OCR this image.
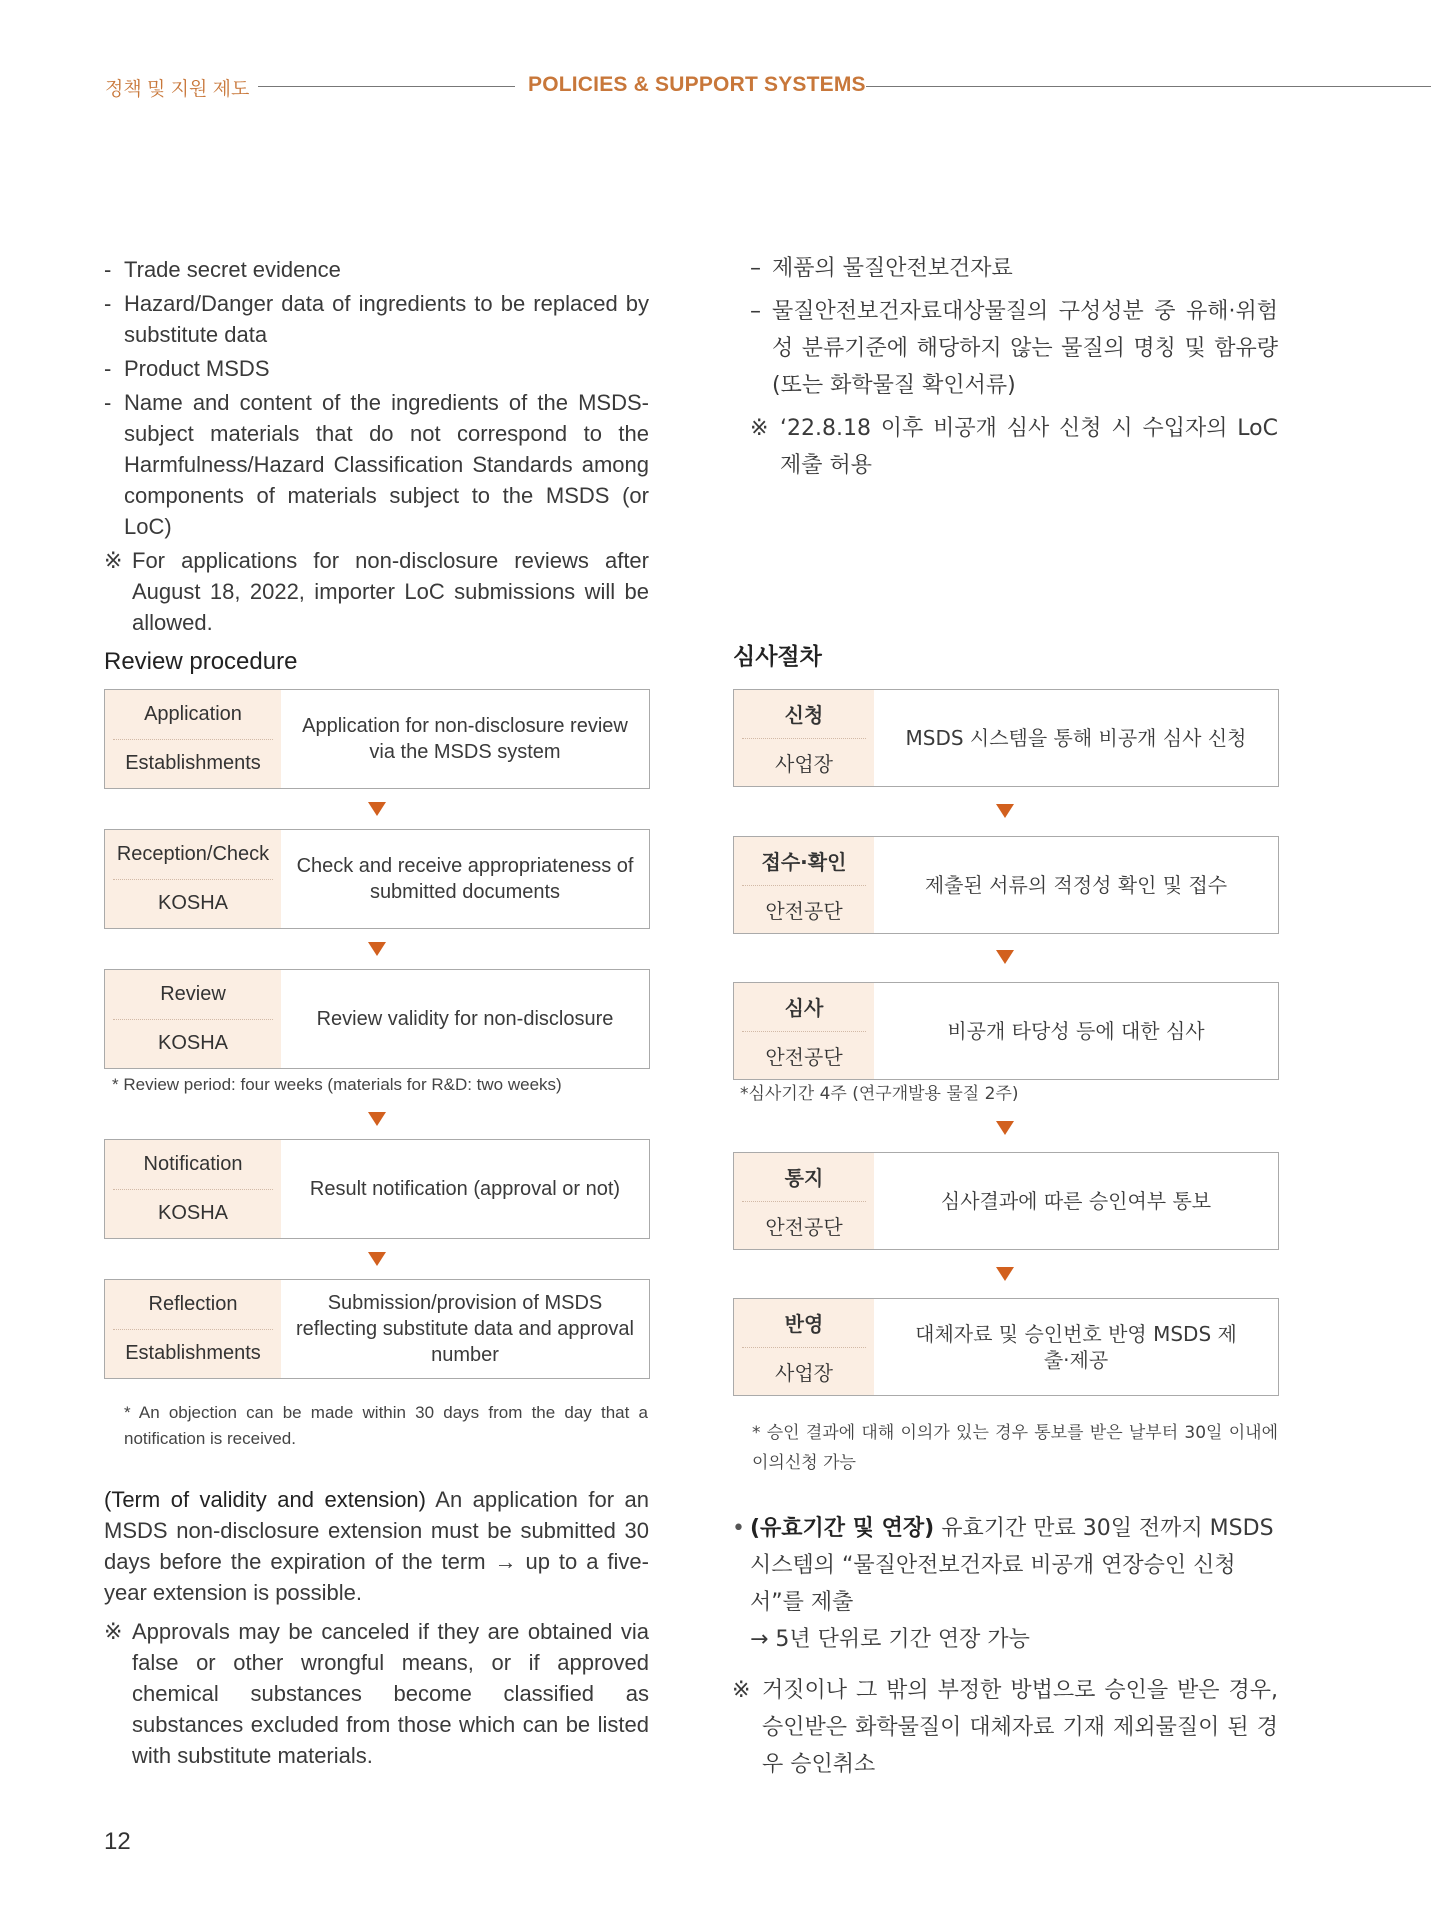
정책 및 지원 제도	POLICIES & SUPPORT SYSTEMS
- Trade secret evidence
- Hazard/Danger data of ingredients to be replaced by substitute data
- Product MSDS
- Name and content of the ingredients of the MSDS-subject materials that do not correspond to the Harmfulness/Hazard Classification Standards among components of materials subject to the MSDS (or LoC)
※ For applications for non-disclosure reviews after August 18, 2022, importer LoC submissions will be allowed.
– 제품의 물질안전보건자료
– 물질안전보건자료대상물질의 구성성분 중 유해·위험성 분류기준에 해당하지 않는 물질의 명칭 및 함유량 (또는 화학물질 확인서류)
※ ‘22.8.18 이후 비공개 심사 신청 시 수입자의 LoC 제출 허용
Review procedure	심사절차
Application
Establishments
Application for non-disclosure review via the MSDS system
Reception/Check
KOSHA
Check and receive appropriateness of submitted documents
Review
KOSHA
Review validity for non-disclosure
* Review period: four weeks (materials for R&D: two weeks)
Notification
KOSHA
Result notification (approval or not)
Reflection
Establishments
Submission/provision of MSDS reflecting substitute data and approval number
* An objection can be made within 30 days from the day that a notification is received.
(Term of validity and extension) An application for an MSDS non-disclosure extension must be submitted 30 days before the expiration of the term → up to a five-year extension is possible.
※ Approvals may be canceled if they are obtained via false or other wrongful means, or if approved chemical substances become classified as substances excluded from those which can be listed with substitute materials.
신청
사업장
MSDS 시스템을 통해 비공개 심사 신청
접수·확인
안전공단
제출된 서류의 적정성 확인 및 접수
심사
안전공단
비공개 타당성 등에 대한 심사
*심사기간 4주 (연구개발용 물질 2주)
통지
안전공단
심사결과에 따른 승인여부 통보
반영
사업장
대체자료 및 승인번호 반영 MSDS 제출·제공
* 승인 결과에 대해 이의가 있는 경우 통보를 받은 날부터 30일 이내에 이의신청 가능
• (유효기간 및 연장) 유효기간 만료 30일 전까지 MSDS시스템의 “물질안전보건자료 비공개 연장승인 신청서”를 제출
→ 5년 단위로 기간 연장 가능
※ 거짓이나 그 밖의 부정한 방법으로 승인을 받은 경우, 승인받은 화학물질이 대체자료 기재 제외물질이 된 경우 승인취소
12
